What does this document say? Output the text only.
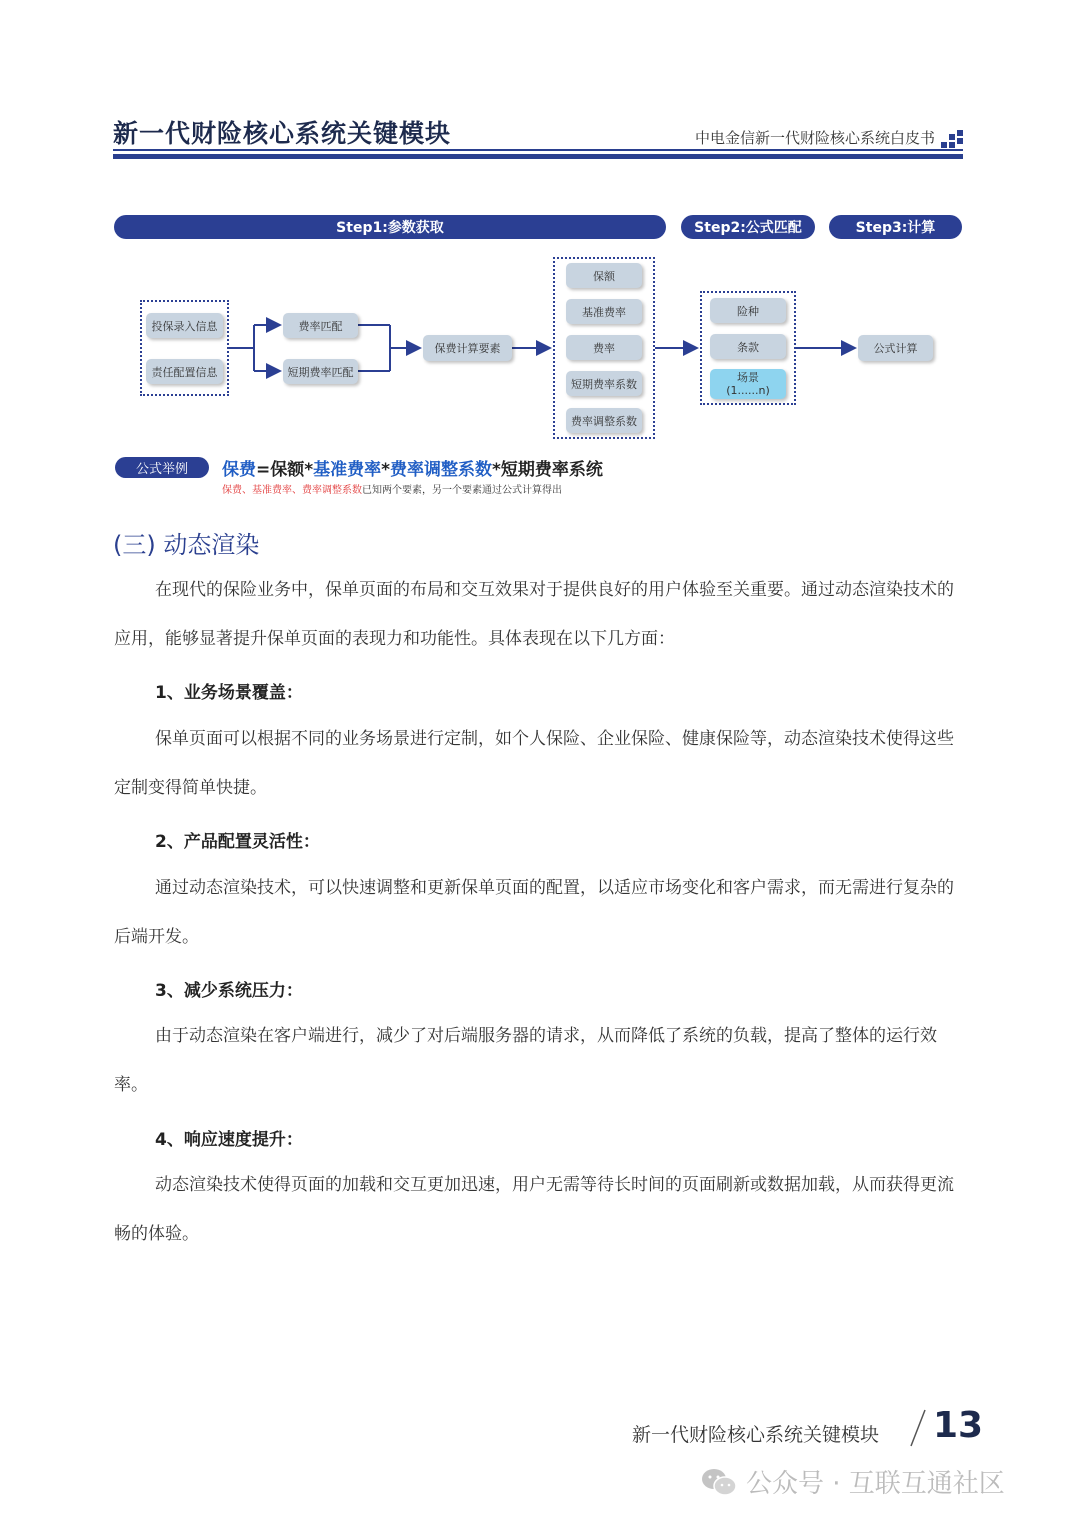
新一代财险核心系统关键模块	中电金信新一代财险核心系统白皮书
Step1:参数获取	Step2:公式匹配	Step3:计算
投保录入信息
责任配置信息
费率匹配
短期费率匹配
保费计算要素
保额
基准费率
费率
短期费率系数
费率调整系数
险种
条款
场景
(1......n)
公式计算
公式举例	保费=保额*基准费率*费率调整系数*短期费率系统
保费、基准费率、费率调整系数已知两个要素，另一个要素通过公式计算得出
(三) 动态渲染
在现代的保险业务中，保单页面的布局和交互效果对于提供良好的用户体验至关重要。通过动态渲染技术的应用，能够显著提升保单页面的表现力和功能性。具体表现在以下几方面：
1、业务场景覆盖：
保单页面可以根据不同的业务场景进行定制，如个人保险、企业保险、健康保险等，动态渲染技术使得这些定制变得简单快捷。
2、产品配置灵活性：
通过动态渲染技术，可以快速调整和更新保单页面的配置，以适应市场变化和客户需求，而无需进行复杂的后端开发。
3、减少系统压力：
由于动态渲染在客户端进行，减少了对后端服务器的请求，从而降低了系统的负载，提高了整体的运行效率。
4、响应速度提升：
动态渲染技术使得页面的加载和交互更加迅速，用户无需等待长时间的页面刷新或数据加载，从而获得更流畅的体验。
新一代财险核心系统关键模块 13
公众号 · 互联互通社区
